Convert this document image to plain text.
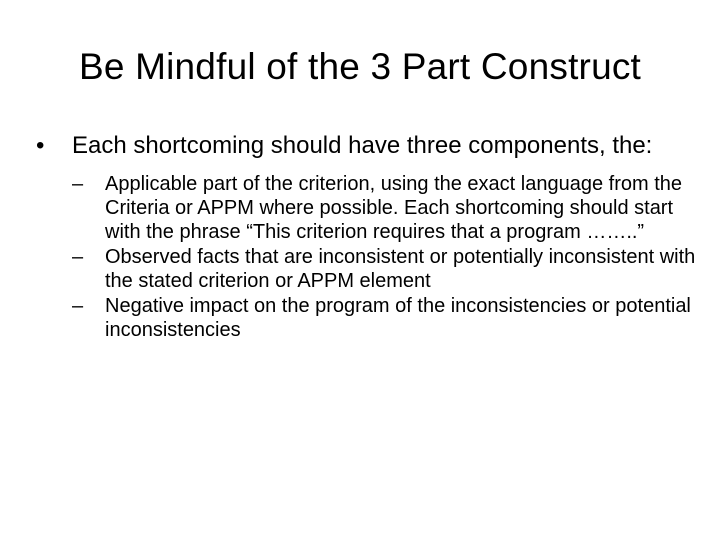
Be Mindful of the 3 Part Construct
•	Each shortcoming should have three components, the:
–	Applicable part of the criterion, using the exact language from the Criteria or APPM where possible. Each shortcoming should start with the phrase “This criterion requires that a program ……..”
–	Observed facts that are inconsistent or potentially inconsistent with the stated criterion or APPM element
–	Negative impact on the program of the inconsistencies or potential inconsistencies
